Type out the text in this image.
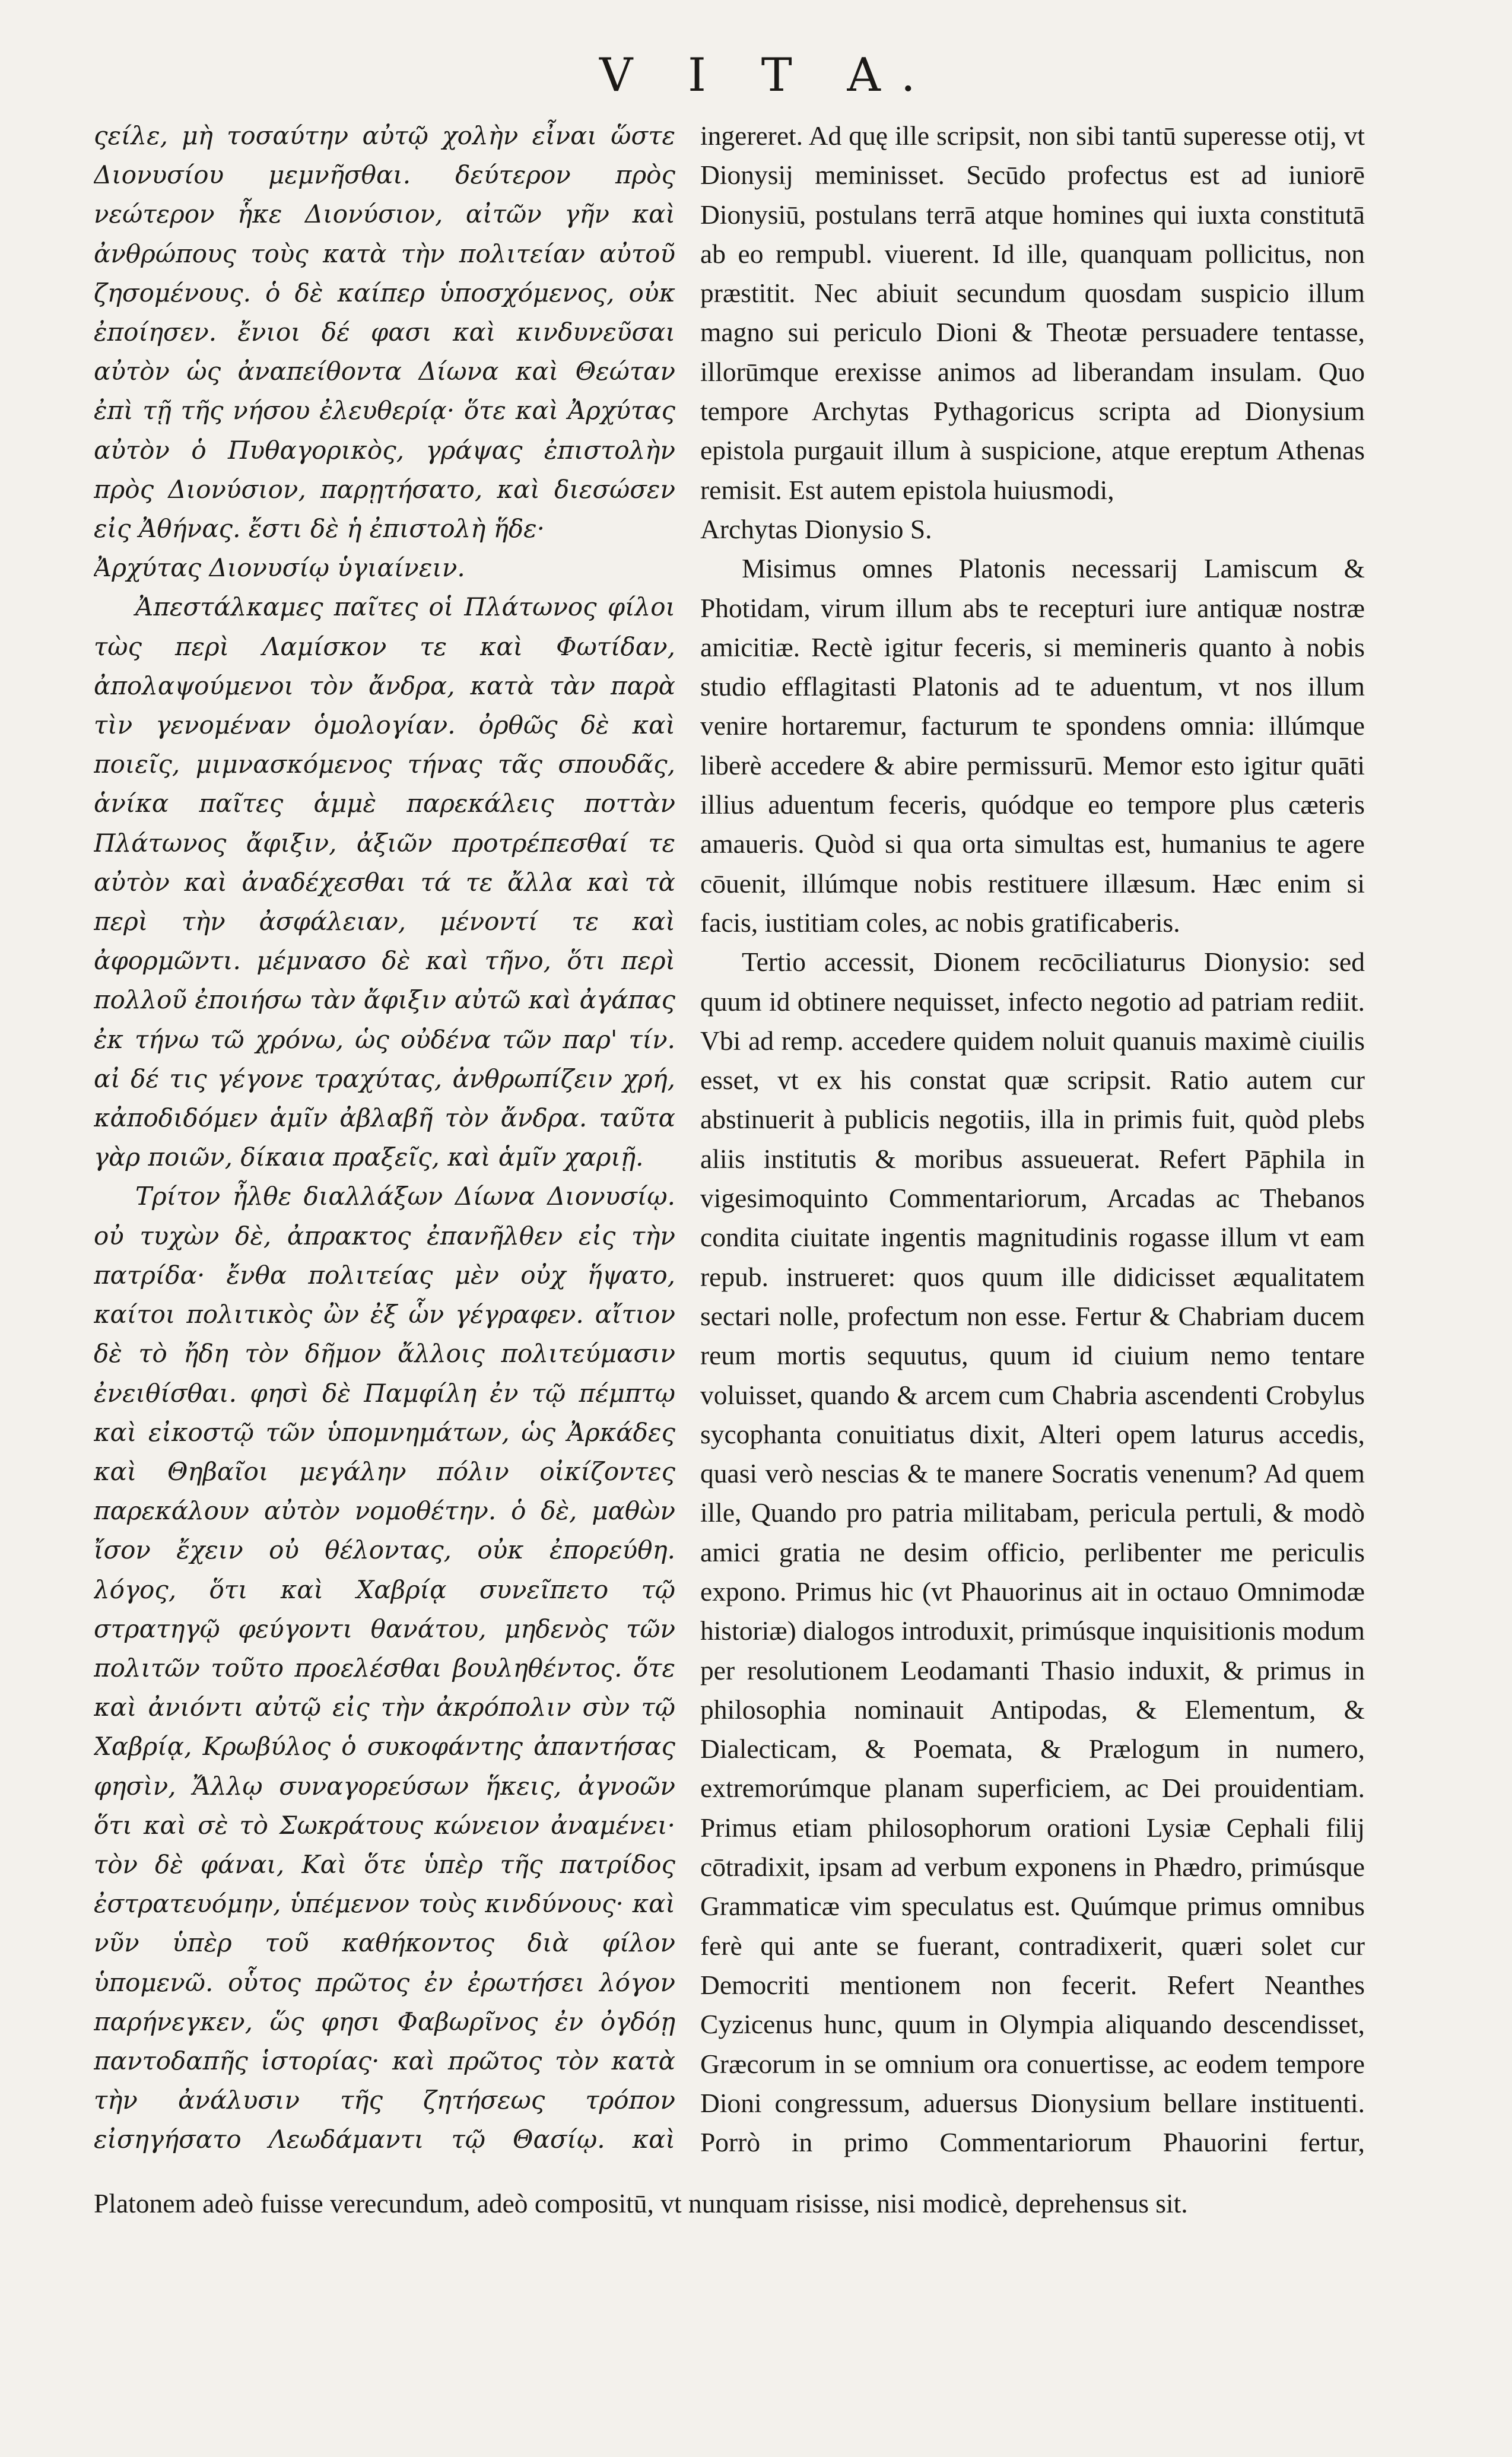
V I T A.

ςείλε, μὴ τοσαύτην αὐτῷ χολὴν εἶναι ὥστε Διονυσίου μεμνῆσθαι. δεύτερον πρὸς νεώτερον ἧκε Διονύσιον, αἰτῶν γῆν καὶ ἀνθρώπους τοὺς κατὰ τὴν πολιτείαν αὐτοῦ ζησομένους. ὁ δὲ καίπερ ὑποσχόμενος, οὐκ ἐποίησεν. ἔνιοι δέ φασι καὶ κινδυνεῦσαι αὐτὸν ὡς ἀναπείθοντα Δίωνα καὶ Θεώταν ἐπὶ τῇ τῆς νήσου ἐλευθερίᾳ· ὅτε καὶ Ἀρχύτας αὐτὸν ὁ Πυθαγορικὸς, γράψας ἐπιστολὴν πρὸς Διονύσιον, παρῃτήσατο, καὶ διεσώσεν εἰς Ἀθήνας. ἔστι δὲ ἡ ἐπιστολὴ ἥδε·

Ἀρχύτας Διονυσίῳ ὑγιαίνειν.

Ἀπεστάλκαμες παῖτες οἱ Πλάτωνος φίλοι τὼς περὶ Λαμίσκον τε καὶ Φωτίδαν, ἀπολαψούμενοι τὸν ἄνδρα, κατὰ τὰν παρὰ τὶν γενομέναν ὁμολογίαν. ὀρθῶς δὲ καὶ ποιεῖς, μιμνασκόμενος τήνας τᾶς σπουδᾶς, ἁνίκα παῖτες ἁμμὲ παρεκάλεις ποττὰν Πλάτωνος ἄφιξιν, ἀξιῶν προτρέπεσθαί τε αὐτὸν καὶ ἀναδέχεσθαι τά τε ἄλλα καὶ τὰ περὶ τὴν ἀσφάλειαν, μένοντί τε καὶ ἀφορμῶντι. μέμνασο δὲ καὶ τῆνο, ὅτι περὶ πολλοῦ ἐποιήσω τὰν ἄφιξιν αὐτῶ καὶ ἀγάπας ἐκ τήνω τῶ χρόνω, ὡς οὐδένα τῶν παρ' τίν. αἰ δέ τις γέγονε τραχύτας, ἀνθρωπίζειν χρή, κἀποδιδόμεν ἁμῖν ἀβλαβῆ τὸν ἄνδρα. ταῦτα γὰρ ποιῶν, δίκαια πραξεῖς, καὶ ἁμῖν χαριῇ.

Τρίτον ἦλθε διαλλάξων Δίωνα Διονυσίῳ. οὐ τυχὼν δὲ, ἀπρακτος ἐπανῆλθεν εἰς τὴν πατρίδα· ἔνθα πολιτείας μὲν οὐχ ἥψατο, καίτοι πολιτικὸς ὢν ἐξ ὧν γέγραφεν. αἴτιον δὲ τὸ ἤδη τὸν δῆμον ἄλλοις πολιτεύμασιν ἐνειθίσθαι. φησὶ δὲ Παμφίλη ἐν τῷ πέμπτῳ καὶ εἰκοστῷ τῶν ὑπομνημάτων, ὡς Ἀρκάδες καὶ Θηβαῖοι μεγάλην πόλιν οἰκίζοντες παρεκάλουν αὐτὸν νομοθέτην. ὁ δὲ, μαθὼν ἴσον ἔχειν οὐ θέλοντας, οὐκ ἐπορεύθη. λόγος, ὅτι καὶ Χαβρίᾳ συνεῖπετο τῷ στρατηγῷ φεύγοντι θανάτου, μηδενὸς τῶν πολιτῶν τοῦτο προελέσθαι βουληθέντος. ὅτε καὶ ἀνιόντι αὐτῷ εἰς τὴν ἀκρόπολιν σὺν τῷ Χαβρίᾳ, Κρωβύλος ὁ συκοφάντης ἀπαντήσας φησὶν, Ἄλλῳ συναγορεύσων ἥκεις, ἀγνοῶν ὅτι καὶ σὲ τὸ Σωκράτους κώνειον ἀναμένει· τὸν δὲ φάναι, Καὶ ὅτε ὑπὲρ τῆς πατρίδος ἐστρατευόμην, ὑπέμενον τοὺς κινδύνους· καὶ νῦν ὑπὲρ τοῦ καθήκοντος διὰ φίλον ὑπομενῶ. οὗτος πρῶτος ἐν ἐρωτήσει λόγον παρήνεγκεν, ὥς φησι Φαβωρῖνος ἐν ὀγδόῃ παντοδαπῆς ἱστορίας· καὶ πρῶτος τὸν κατὰ τὴν ἀνάλυσιν τῆς ζητήσεως τρόπον εἰσηγήσατο Λεωδάμαντι τῷ Θασίῳ. καὶ

ingereret. Ad quę ille scripsit, non sibi tantū superesse otij, vt Dionysij meminisset. Secūdo profectus est ad iuniorē Dionysiū, postulans terrā atque homines qui iuxta constitutā ab eo rempubl. viuerent. Id ille, quanquam pollicitus, non præstitit. Nec abiuit secundum quosdam suspicio illum magno sui periculo Dioni & Theotæ persuadere tentasse, illorūmque erexisse animos ad liberandam insulam. Quo tempore Archytas Pythagoricus scripta ad Dionysium epistola purgauit illum à suspicione, atque ereptum Athenas remisit. Est autem epistola huiusmodi,

Archytas Dionysio S.

Misimus omnes Platonis necessarij Lamiscum & Photidam, virum illum abs te recepturi iure antiquæ nostræ amicitiæ. Rectè igitur feceris, si memineris quanto à nobis studio efflagitasti Platonis ad te aduentum, vt nos illum venire hortaremur, facturum te spondens omnia: illúmque liberè accedere & abire permissurū. Memor esto igitur quāti illius aduentum feceris, quódque eo tempore plus cæteris amaueris. Quòd si qua orta simultas est, humanius te agere cōuenit, illúmque nobis restituere illæsum. Hæc enim si facis, iustitiam coles, ac nobis gratificaberis.

Tertio accessit, Dionem recōciliaturus Dionysio: sed quum id obtinere nequisset, infecto negotio ad patriam rediit. Vbi ad remp. accedere quidem noluit quanuis maximè ciuilis esset, vt ex his constat quæ scripsit. Ratio autem cur abstinuerit à publicis negotiis, illa in primis fuit, quòd plebs aliis institutis & moribus assueuerat. Refert Pāphila in vigesimoquinto Commentariorum, Arcadas ac Thebanos condita ciuitate ingentis magnitudinis rogasse illum vt eam repub. instrueret: quos quum ille didicisset æqualitatem sectari nolle, profectum non esse. Fertur & Chabriam ducem reum mortis sequutus, quum id ciuium nemo tentare voluisset, quando & arcem cum Chabria ascendenti Crobylus sycophanta conuitiatus dixit, Alteri opem laturus accedis, quasi verò nescias & te manere Socratis venenum? Ad quem ille, Quando pro patria militabam, pericula pertuli, & modò amici gratia ne desim officio, perlibenter me periculis expono. Primus hic (vt Phauorinus ait in octauo Omnimodæ historiæ) dialogos introduxit, primúsque inquisitionis modum per resolutionem Leodamanti Thasio induxit, & primus in philosophia nominauit Antipodas, & Elementum, & Dialecticam, & Poemata, & Prælogum in numero, extremorúmque planam superficiem, ac Dei prouidentiam. Primus etiam philosophorum orationi Lysiæ Cephali filij cōtradixit, ipsam ad verbum exponens in Phædro, primúsque Grammaticæ vim speculatus est. Quúmque primus omnibus ferè qui ante se fuerant, contradixerit, quæri solet cur Democriti mentionem non fecerit. Refert Neanthes Cyzicenus hunc, quum in Olympia aliquando descendisset, Græcorum in se omnium ora conuertisse, ac eodem tempore Dioni congressum, aduersus Dionysium bellare instituenti. Porrò in primo Commentariorum Phauorini fertur,

Platonem adeò fuisse verecundum, adeò compositū, vt nunquam risisse, nisi modicè, deprehensus sit.
